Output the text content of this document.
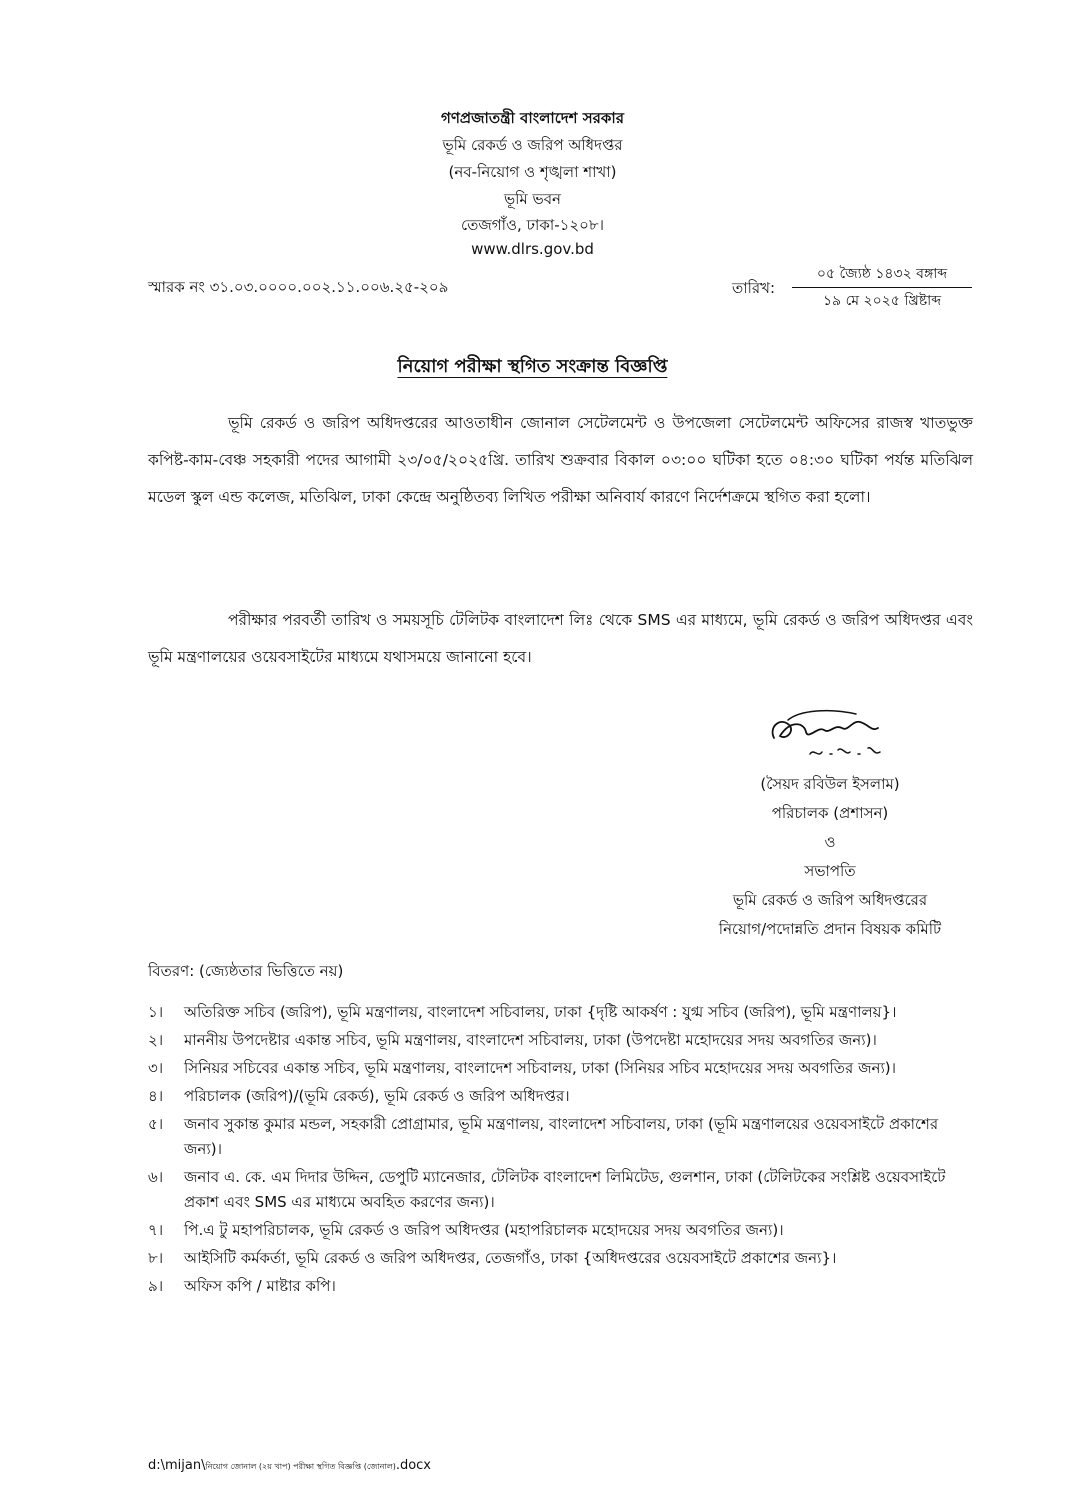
গণপ্রজাতন্ত্রী বাংলাদেশ সরকার
ভূমি রেকর্ড ও জরিপ অধিদপ্তর
(নব-নিয়োগ ও শৃঙ্খলা শাখা)
ভূমি ভবন
তেজগাঁও, ঢাকা-১২০৮।
www.dlrs.gov.bd
স্মারক নং ৩১.০৩.০০০০.০০২.১১.০০৬.২৫-২০৯	তারিখ:
০৫ জ্যৈষ্ঠ ১৪৩২ বঙ্গাব্দ
১৯ মে ২০২৫ খ্রিষ্টাব্দ
নিয়োগ পরীক্ষা স্থগিত সংক্রান্ত বিজ্ঞপ্তি
ভূমি রেকর্ড ও জরিপ অধিদপ্তরের আওতাধীন জোনাল সেটেলমেন্ট ও উপজেলা সেটেলমেন্ট অফিসের রাজস্ব খাতভুক্ত কপিষ্ট-কাম-বেঞ্চ সহকারী পদের আগামী ২৩/০৫/২০২৫খ্রি. তারিখ শুক্রবার বিকাল ০৩:০০ ঘটিকা হতে ০৪:৩০ ঘটিকা পর্যন্ত মতিঝিল মডেল স্কুল এন্ড কলেজ, মতিঝিল, ঢাকা কেন্দ্রে অনুষ্ঠিতব্য লিখিত পরীক্ষা অনিবার্য কারণে নির্দেশক্রমে স্থগিত করা হলো।
পরীক্ষার পরবর্তী তারিখ ও সময়সূচি টেলিটক বাংলাদেশ লিঃ থেকে SMS এর মাধ্যমে, ভূমি রেকর্ড ও জরিপ অধিদপ্তর এবং ভূমি মন্ত্রণালয়ের ওয়েবসাইটের মাধ্যমে যথাসময়ে জানানো হবে।
(সৈয়দ রবিউল ইসলাম)
পরিচালক (প্রশাসন)
ও
সভাপতি
ভূমি রেকর্ড ও জরিপ অধিদপ্তরের
নিয়োগ/পদোন্নতি প্রদান বিষয়ক কমিটি
বিতরণ: (জ্যেষ্ঠতার ভিত্তিতে নয়)
১।	অতিরিক্ত সচিব (জরিপ), ভূমি মন্ত্রণালয়, বাংলাদেশ সচিবালয়, ঢাকা {দৃষ্টি আকর্ষণ : যুগ্ম সচিব (জরিপ), ভূমি মন্ত্রণালয়}।
২।	মাননীয় উপদেষ্টার একান্ত সচিব, ভূমি মন্ত্রণালয়, বাংলাদেশ সচিবালয়, ঢাকা (উপদেষ্টা মহোদয়ের সদয় অবগতির জন্য)।
৩।	সিনিয়র সচিবের একান্ত সচিব, ভূমি মন্ত্রণালয়, বাংলাদেশ সচিবালয়, ঢাকা (সিনিয়র সচিব মহোদয়ের সদয় অবগতির জন্য)।
৪।	পরিচালক (জরিপ)/(ভূমি রেকর্ড), ভূমি রেকর্ড ও জরিপ অধিদপ্তর।
৫।	জনাব সুকান্ত কুমার মন্ডল, সহকারী প্রোগ্রামার, ভূমি মন্ত্রণালয়, বাংলাদেশ সচিবালয়, ঢাকা (ভূমি মন্ত্রণালয়ের ওয়েবসাইটে প্রকাশের জন্য)।
৬।	জনাব এ. কে. এম দিদার উদ্দিন, ডেপুটি ম্যানেজার, টেলিটক বাংলাদেশ লিমিটেড, গুলশান, ঢাকা (টেলিটকের সংশ্লিষ্ট ওয়েবসাইটে প্রকাশ এবং SMS এর মাধ্যমে অবহিত করণের জন্য)।
৭।	পি.এ টু মহাপরিচালক, ভূমি রেকর্ড ও জরিপ অধিদপ্তর (মহাপরিচালক মহোদয়ের সদয় অবগতির জন্য)।
৮।	আইসিটি কর্মকর্তা, ভূমি রেকর্ড ও জরিপ অধিদপ্তর, তেজগাঁও, ঢাকা {অধিদপ্তরের ওয়েবসাইটে প্রকাশের জন্য}।
৯।	অফিস কপি / মাষ্টার কপি।
d:\mijan\নিয়োগ জোনাল (২য় খাপ) পরীক্ষা স্থগিত বিজ্ঞপ্তি (জোনাল).docx
